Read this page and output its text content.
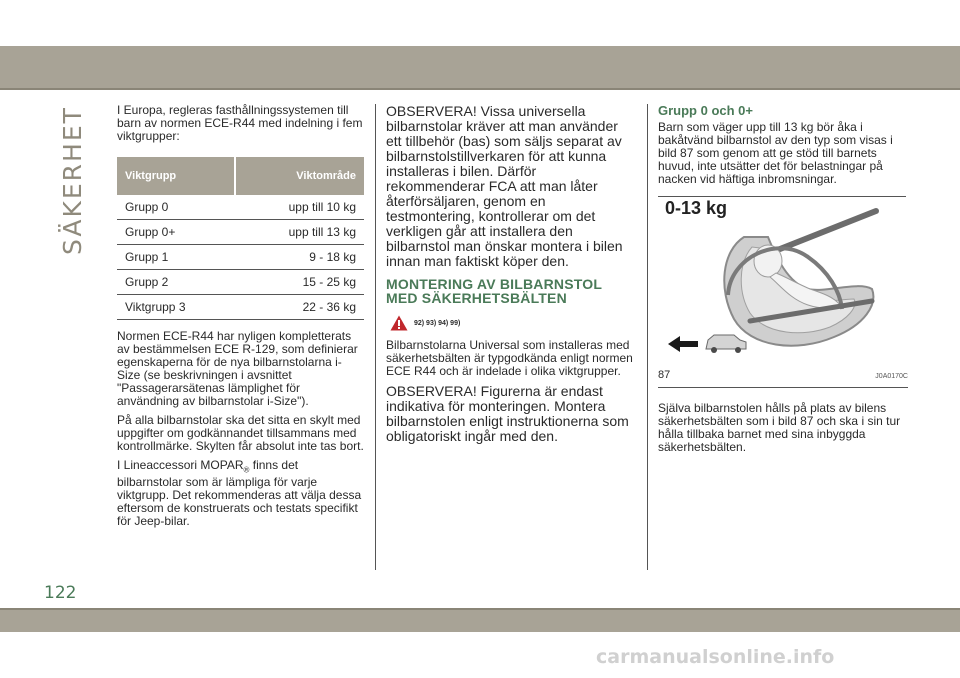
SÄKERHET	I Europa, regleras fasthållningssystemen till barn av normen ECE-R44 med indelning i fem viktgrupper:

Viktgrupp	Viktområde
Grupp 0	upp till 10 kg
Grupp 0+	upp till 13 kg
Grupp 1	9 - 18 kg
Grupp 2	15 - 25 kg
Viktgrupp 3	22 - 36 kg

Normen ECE-R44 har nyligen kompletterats av bestämmelsen ECE R-129, som definierar egenskaperna för de nya bilbarnstolarna i-Size (se beskrivningen i avsnittet "Passagerarsätenas lämplighet för användning av bilbarnstolar i-Size").

På alla bilbarnstolar ska det sitta en skylt med uppgifter om godkännandet tillsammans med kontrollmärke. Skylten får absolut inte tas bort.

I Lineaccessori $MOPAR_®$ finns det bilbarnstolar som är lämpliga för varje viktgrupp. Det rekommenderas att välja dessa eftersom de konstruerats och testats specifikt för Jeep-bilar.

OBSERVERA! Vissa universella bilbarnstolar kräver att man använder ett tillbehör (bas) som säljs separat av bilbarnstolstillverkaren för att kunna installeras i bilen. Därför rekommenderar FCA att man låter återförsäljaren, genom en testmontering, kontrollerar om det verkligen går att installera den bilbarnstol man önskar montera i bilen innan man faktiskt köper den.

MONTERING AV BILBARNSTOL MED SÄKERHETSBÄLTEN
92) 93) 94) 99)

Bilbarnstolarna Universal som installeras med säkerhetsbälten är typgodkända enligt normen ECE R44 och är indelade i olika viktgrupper.

OBSERVERA! Figurerna är endast indikativa för monteringen. Montera bilbarnstolen enligt instruktionerna som obligatoriskt ingår med den.

Grupp 0 och 0+

Barn som väger upp till 13 kg bör åka i bakåtvänd bilbarnstol av den typ som visas i bild 87 som genom att ge stöd till barnets huvud, inte utsätter det för belastningar på nacken vid häftiga inbromsningar.

0-13 kg
87	J0A0170C

Själva bilbarnstolen hålls på plats av bilens säkerhetsbälten som i bild 87 och ska i sin tur hålla tillbaka barnet med sina inbyggda säkerhetsbälten.

122
carmanualsonline.info
